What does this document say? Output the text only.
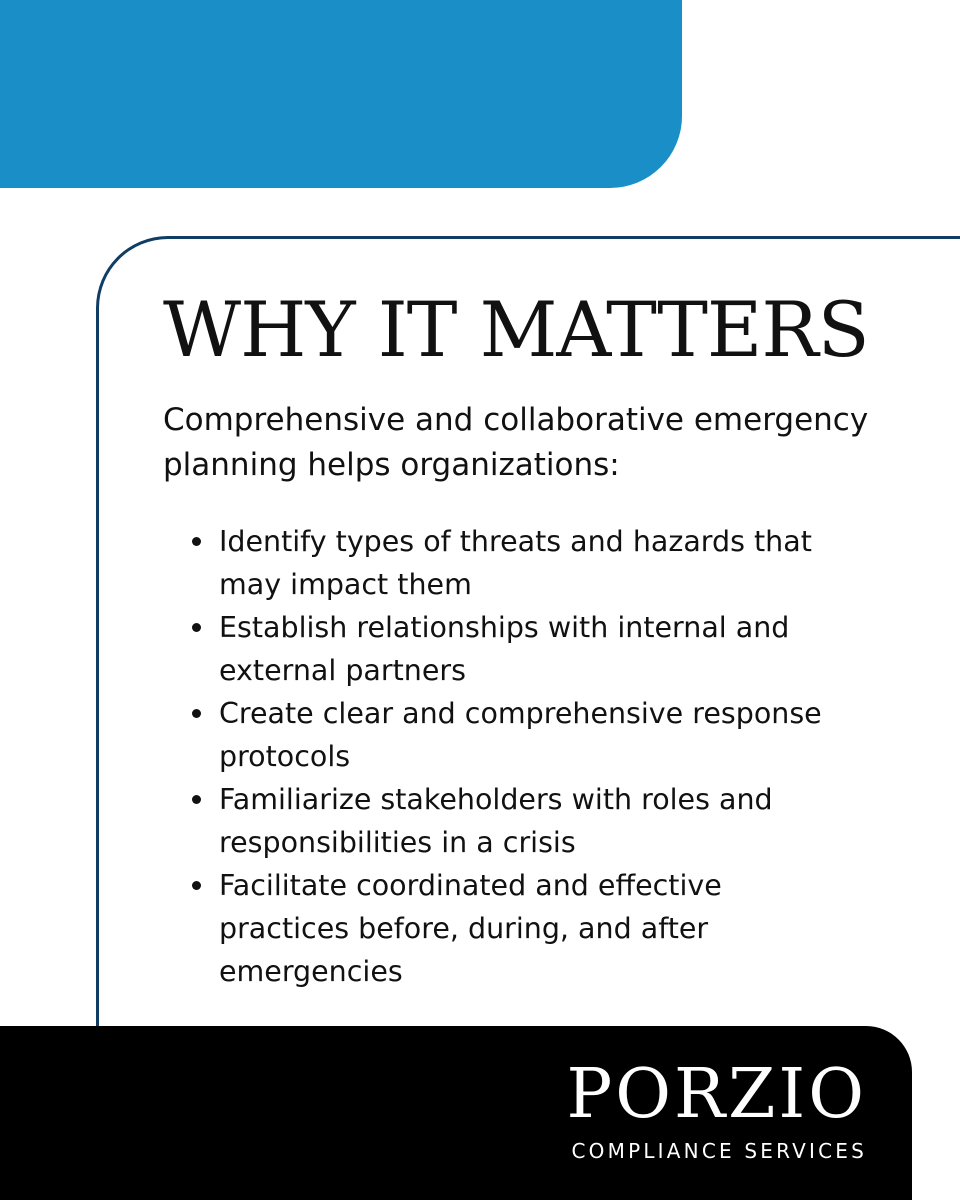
WHY IT MATTERS

Comprehensive and collaborative emergency planning helps organizations:

Identify types of threats and hazards that may impact them
Establish relationships with internal and external partners
Create clear and comprehensive response protocols
Familiarize stakeholders with roles and responsibilities in a crisis
Facilitate coordinated and effective practices before, during, and after emergencies
PORZIO
COMPLIANCE SERVICES
